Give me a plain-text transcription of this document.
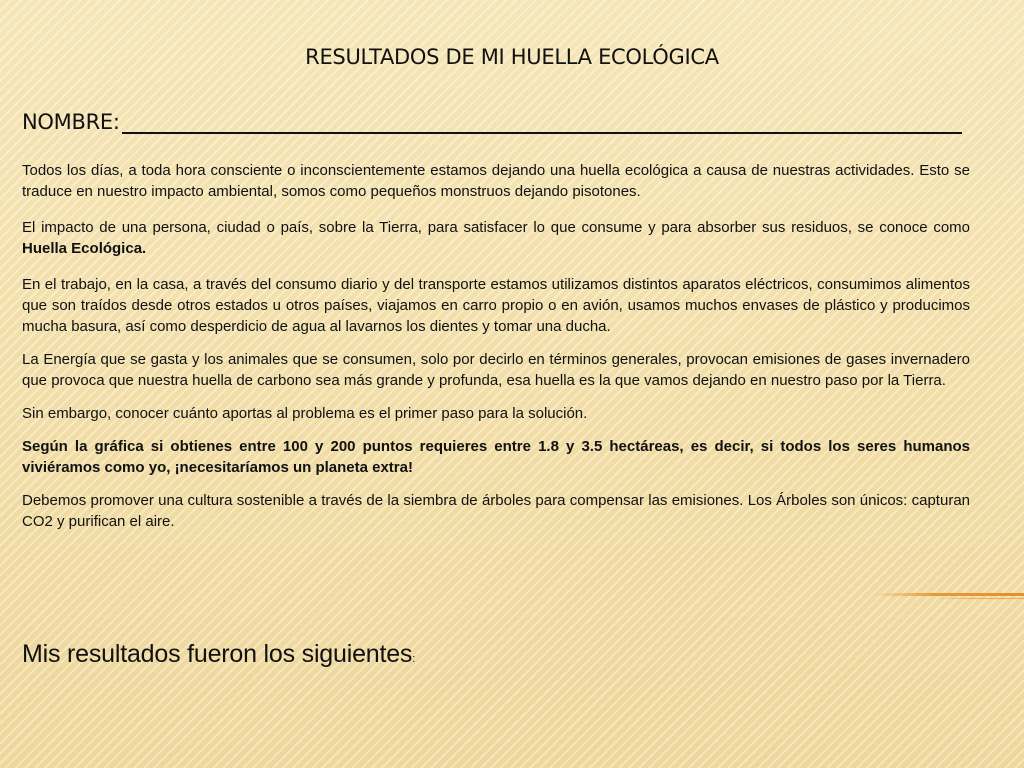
RESULTADOS DE MI HUELLA ECOLÓGICA
NOMBRE:

Todos los días, a toda hora consciente o inconscientemente estamos dejando una huella ecológica a causa de nuestras actividades. Esto se traduce en nuestro impacto ambiental, somos como pequeños monstruos dejando pisotones.

El impacto de una persona, ciudad o país, sobre la Tierra, para satisfacer lo que consume y para absorber sus residuos, se conoce como Huella Ecológica.

En el trabajo, en la casa, a través del consumo diario y del transporte estamos utilizamos distintos aparatos eléctricos, consumimos alimentos que son traídos desde otros estados u otros países, viajamos en carro propio o en avión, usamos muchos envases de plástico y producimos mucha basura, así como desperdicio de agua al lavarnos los dientes y tomar una ducha.

La Energía que se gasta y los animales que se consumen, solo por decirlo en términos generales, provocan emisiones de gases invernadero que provoca que nuestra huella de carbono sea más grande y profunda, esa huella es la que vamos dejando en nuestro paso por la Tierra.

Sin embargo, conocer cuánto aportas al problema es el primer paso para la solución.

Según la gráfica si obtienes entre 100 y 200 puntos requieres entre 1.8 y 3.5 hectáreas, es decir, si todos los seres humanos viviéramos como yo, ¡necesitaríamos un planeta extra!

Debemos promover una cultura sostenible a través de la siembra de árboles para compensar las emisiones. Los Árboles son únicos: capturan CO2 y purifican el aire.

Mis resultados fueron los siguientes:
